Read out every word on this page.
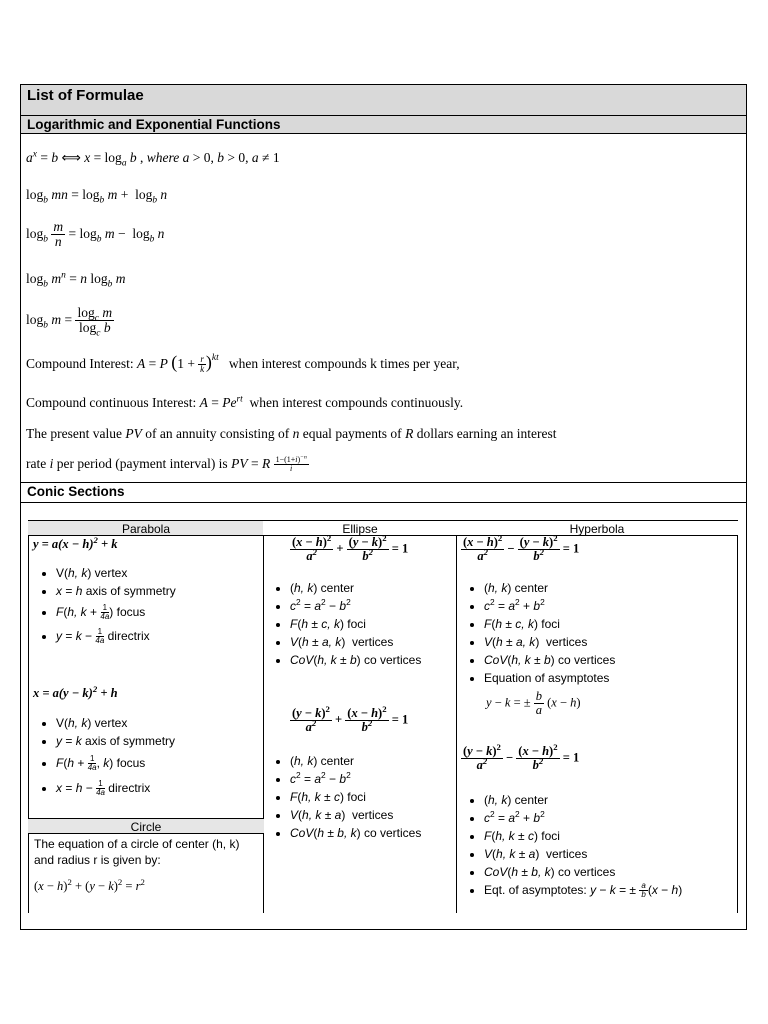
List of Formulae
Logarithmic and Exponential Functions
Conic Sections
$a^x = b$ ⟺ $x = \log_a b$ , where a > 0, b > 0, a ≠ 1
$\log_b$ mn = $\log_b m + \log_b n$
$\log_b \frac{m}{n} = \log_b m - \log_b n$
$\log_b m^n = n$ $\log_b m$
$\log_b m = \frac{\log_c m}{\log_c b}$
Compound Interest: A = P $(1 + \frac{r}{k} )^{kt}$   when interest compounds k times per year,
Compound continuous Interest: $A = Pe^{rt}$  when interest compounds continuously.
The present value PV of an annuity consisting of n equal payments of R dollars earning an interest
rate i per period (payment interval) is PV = R $\frac{1-(1+i)^{-n}}{i}$
Parabola	Ellipse	Hyperbola
$y = a(x - h)^2 + k$
• V(h, k) vertex
• x = h axis of symmetry
• F(h, $k + \frac{1}{4a}$ ) focus
• $y = k - \frac{1}{4a}$ directrix
$x = a(y - k)^2 + h$
• V(h, k) vertex
• y = k axis of symmetry
• $F(h + \frac{1}{4a}$ , k) focus
• $x = h - \frac{1}{4a}$ directrix
Circle
The equation of a circle of center (h, k) and radius r is given by:
$(x - h)^2 + (y - k)^2 = r^2$
$\frac{(x - h)^2}{a^2} + \frac{(y - k)^2}{b^2} = 1$
• (h, k) center
• $c^2 = a^2 - b^2$
• F(h ± c, k) foci
• V(h ± a, k)  vertices
• CoV(h, k ± b) co vertices
$\frac{(y - k)^2}{a^2} + \frac{(x - h)^2}{b^2} = 1$
• (h, k) center
• $c^2 = a^2 - b^2$
• F(h, k ± c) foci
• V(h, k ± a)  vertices
• CoV(h ± b, k) co vertices
$\frac{(x - h)^2}{a^2} - \frac{(y - k)^2}{b^2} = 1$
• (h, k) center
• $c^2 = a^2 + b^2$
• F(h ± c, k) foci
• V(h ± a, k)  vertices
• CoV(h, k ± b) co vertices
• Equation of asymptotes
y − k = ± $\frac{b}{a} (x - h)$
$\frac{(y - k)^2}{a^2} - \frac{(x - h)^2}{b^2} = 1$
• (h, k) center
• $c^2 = a^2 + b^2$
• F(h, k ± c) foci
• V(h, k ± a)  vertices
• CoV(h ± b, k) co vertices
• Eqt. of asymptotes: y − k = ± $\frac{a}{b} (x - h)$
